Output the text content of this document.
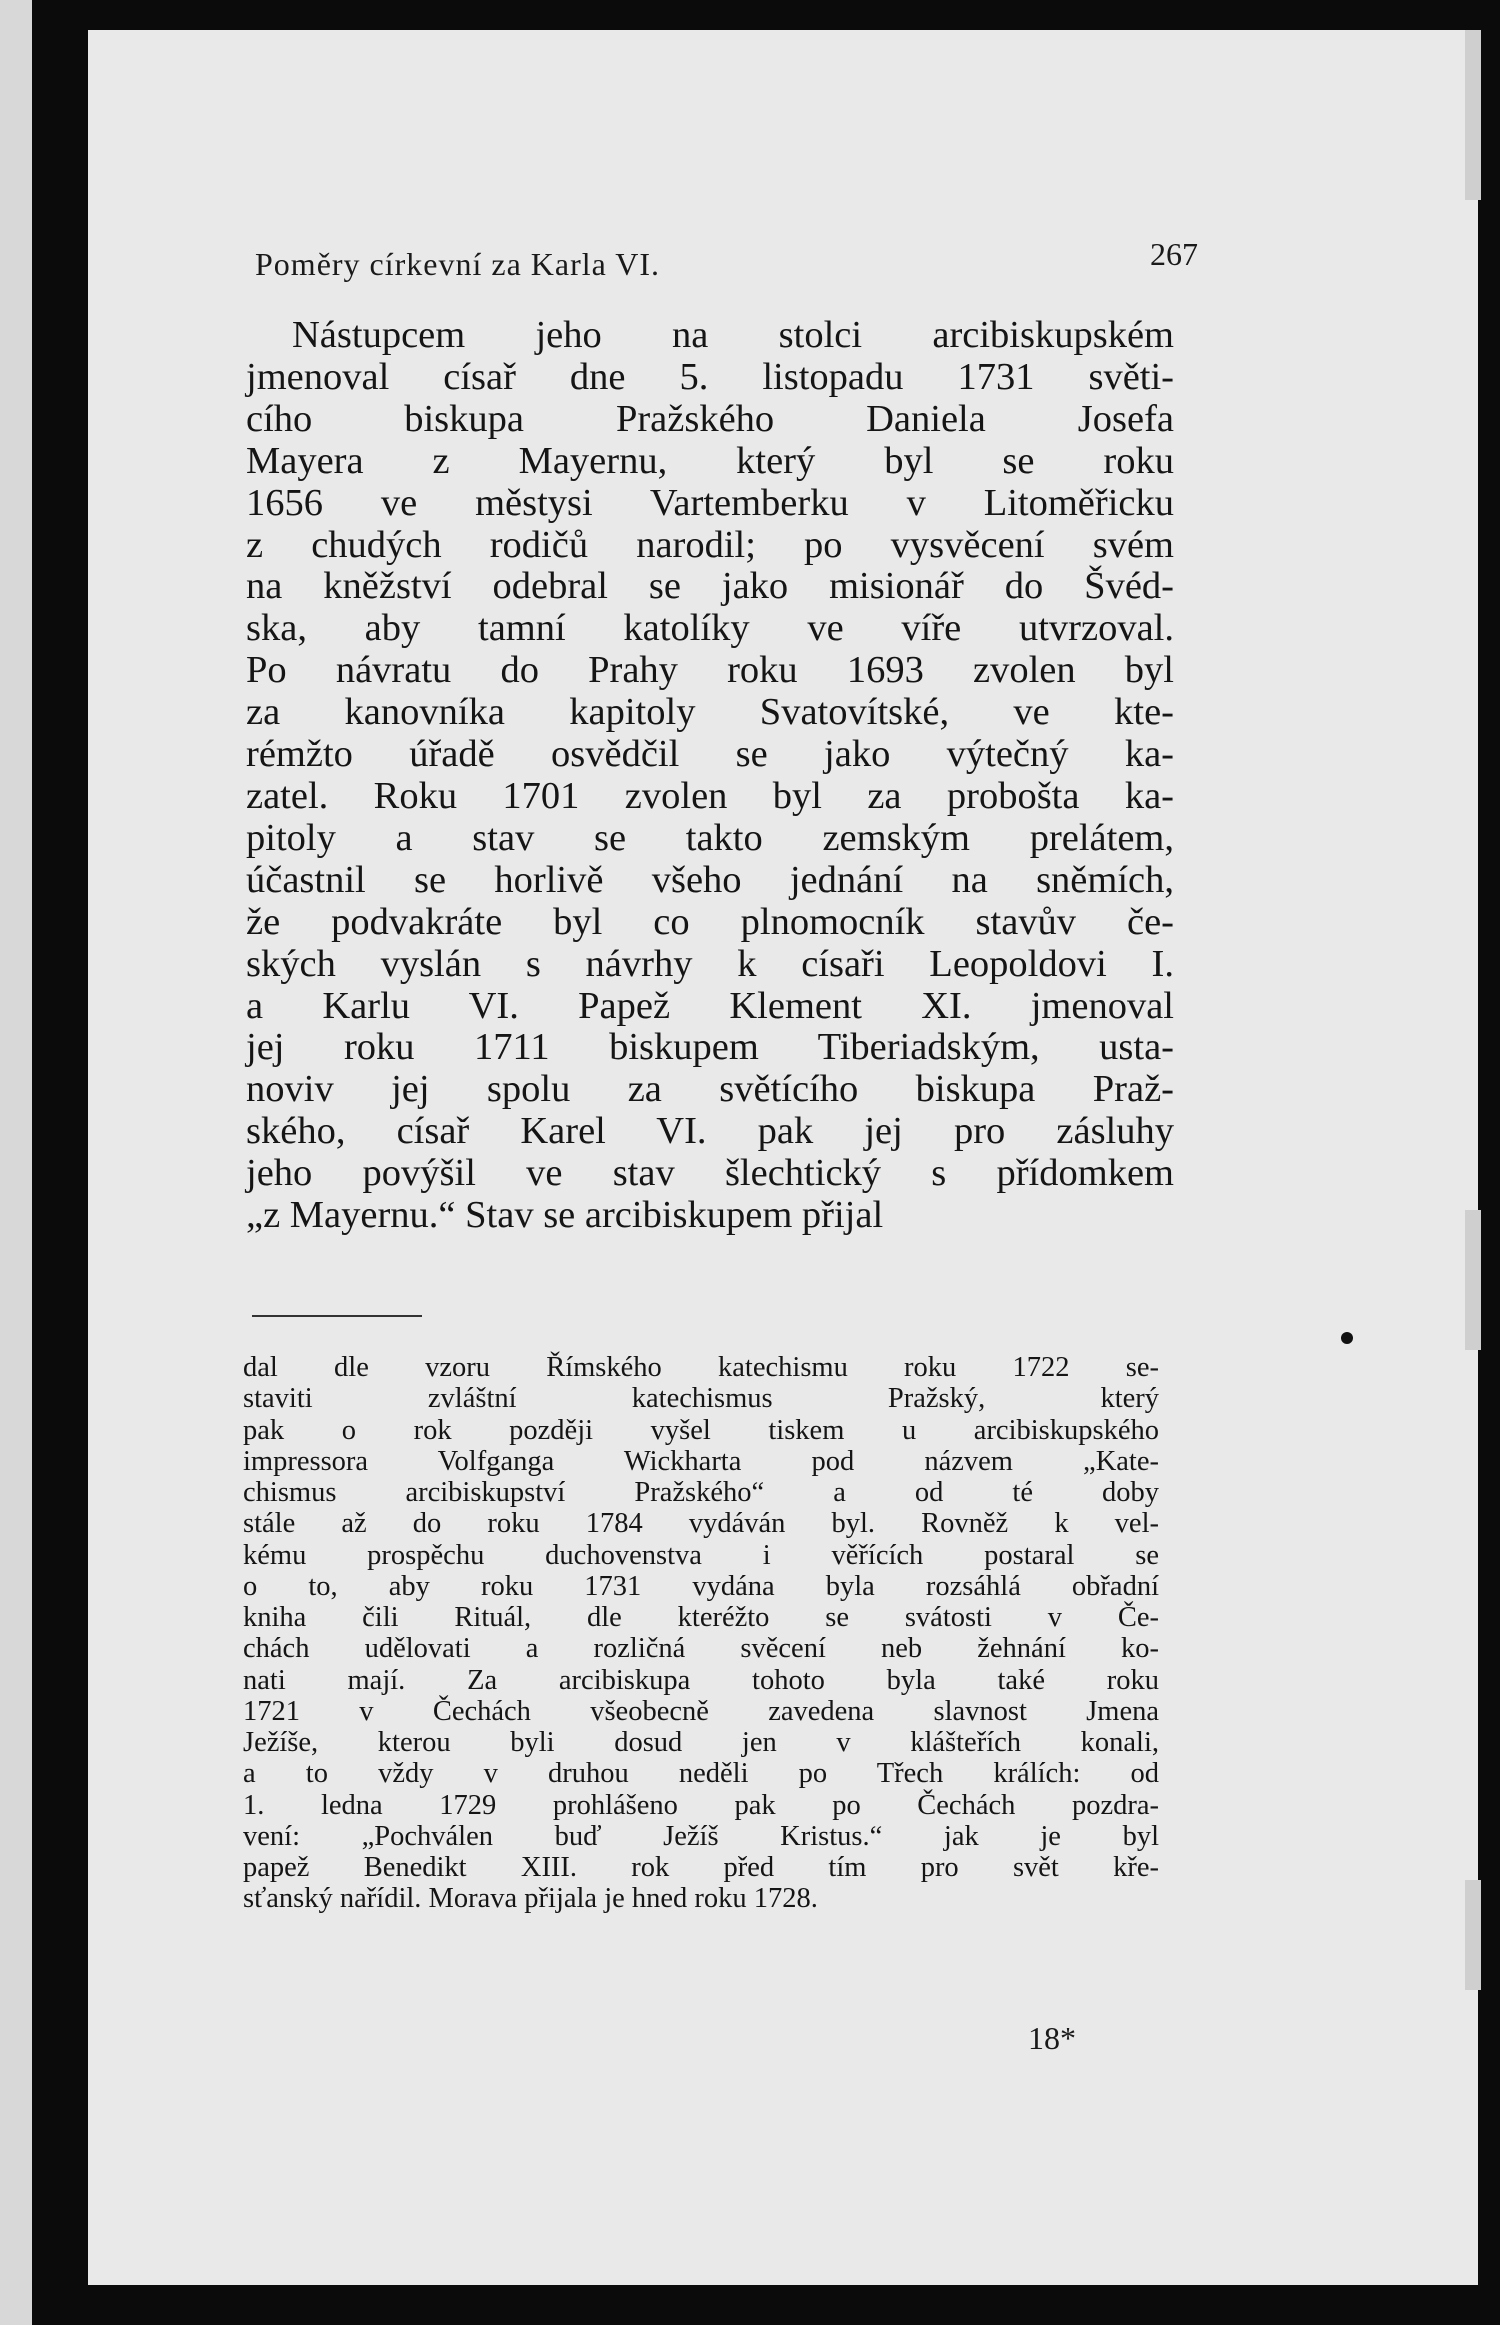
Poměry církevní za Karla VI.	267
Nástupcem jeho na stolci arcibiskupském
jmenoval císař dne 5. listopadu 1731 světi-
cího biskupa Pražského Daniela Josefa
Mayera z Mayernu, který byl se roku
1656 ve městysi Vartemberku v Litoměřicku
z chudých rodičů narodil; po vysvěcení svém
na kněžství odebral se jako misionář do Švéd-
ska, aby tamní katolíky ve víře utvrzoval.
Po návratu do Prahy roku 1693 zvolen byl
za kanovníka kapitoly Svatovítské, ve kte-
rémžto úřadě osvědčil se jako výtečný ka-
zatel. Roku 1701 zvolen byl za probošta ka-
pitoly a stav se takto zemským prelátem,
účastnil se horlivě všeho jednání na sněmích,
že podvakráte byl co plnomocník stavův če-
ských vyslán s návrhy k císaři Leopoldovi I.
a Karlu VI. Papež Klement XI. jmenoval
jej roku 1711 biskupem Tiberiadským, usta-
noviv jej spolu za světícího biskupa Praž-
ského, císař Karel VI. pak jej pro zásluhy
jeho povýšil ve stav šlechtický s přídomkem
„z Mayernu.“ Stav se arcibiskupem přijal
dal dle vzoru Římského katechismu roku 1722 se-
staviti zvláštní katechismus Pražský, který
pak o rok později vyšel tiskem u arcibiskupského
impressora Volfganga Wickharta pod názvem „Kate-
chismus arcibiskupství Pražského“ a od té doby
stále až do roku 1784 vydáván byl. Rovněž k vel-
kému prospěchu duchovenstva i věřících postaral se
o to, aby roku 1731 vydána byla rozsáhlá obřadní
kniha čili Rituál, dle kteréžto se svátosti v Če-
chách udělovati a rozličná svěcení neb žehnání ko-
nati mají. Za arcibiskupa tohoto byla také roku
1721 v Čechách všeobecně zavedena slavnost Jmena
Ježíše, kterou byli dosud jen v klášteřích konali,
a to vždy v druhou neděli po Třech králích: od
1. ledna 1729 prohlášeno pak po Čechách pozdra-
vení: „Pochválen buď Ježíš Kristus.“ jak je byl
papež Benedikt XIII. rok před tím pro svět kře-
sťanský nařídil. Morava přijala je hned roku 1728.
18*
